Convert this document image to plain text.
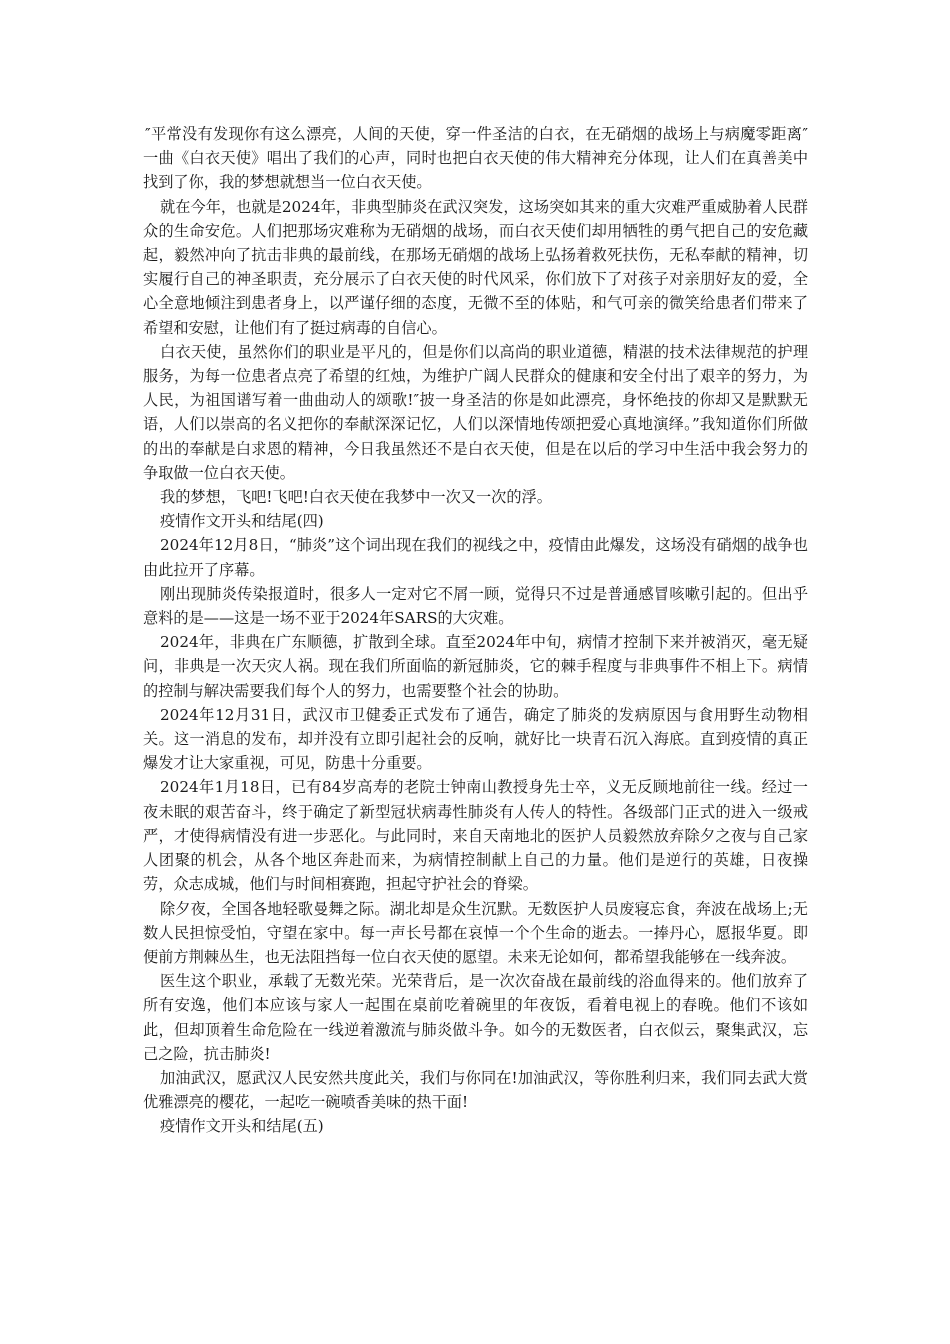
″平常没有发现你有这么漂亮，人间的天使，穿一件圣洁的白衣，在无硝烟的战场上与病魔零距离″一曲《白衣天使》唱出了我们的心声，同时也把白衣天使的伟大精神充分体现，让人们在真善美中找到了你，我的梦想就想当一位白衣天使。

就在今年，也就是2024年，非典型肺炎在武汉突发，这场突如其来的重大灾难严重威胁着人民群众的生命安危。人们把那场灾难称为无硝烟的战场，而白衣天使们却用牺牲的勇气把自己的安危藏起，毅然冲向了抗击非典的最前线，在那场无硝烟的战场上弘扬着救死扶伤，无私奉献的精神，切实履行自己的神圣职责，充分展示了白衣天使的时代风采，你们放下了对孩子对亲朋好友的爱，全心全意地倾注到患者身上，以严谨仔细的态度，无微不至的体贴，和气可亲的微笑给患者们带来了希望和安慰，让他们有了挺过病毒的自信心。

白衣天使，虽然你们的职业是平凡的，但是你们以高尚的职业道德，精湛的技术法律规范的护理服务，为每一位患者点亮了希望的红烛，为维护广阔人民群众的健康和安全付出了艰辛的努力，为人民，为祖国谱写着一曲曲动人的颂歌!″披一身圣洁的你是如此漂亮，身怀绝技的你却又是默默无语，人们以崇高的名义把你的奉献深深记忆，人们以深情地传颂把爱心真地演绎。”我知道你们所做的出的奉献是白求恩的精神，今日我虽然还不是白衣天使，但是在以后的学习中生活中我会努力的争取做一位白衣天使。

我的梦想，飞吧!飞吧!白衣天使在我梦中一次又一次的浮。

疫情作文开头和结尾(四)

2024年12月8日，“肺炎”这个词出现在我们的视线之中，疫情由此爆发，这场没有硝烟的战争也由此拉开了序幕。

刚出现肺炎传染报道时，很多人一定对它不屑一顾，觉得只不过是普通感冒咳嗽引起的。但出乎意料的是——这是一场不亚于2024年SARS的大灾难。

2024年，非典在广东顺德，扩散到全球。直至2024年中旬，病情才控制下来并被消灭，毫无疑问，非典是一次天灾人祸。现在我们所面临的新冠肺炎，它的棘手程度与非典事件不相上下。病情的控制与解决需要我们每个人的努力，也需要整个社会的协助。

2024年12月31日，武汉市卫健委正式发布了通告，确定了肺炎的发病原因与食用野生动物相关。这一消息的发布，却并没有立即引起社会的反响，就好比一块青石沉入海底。直到疫情的真正爆发才让大家重视，可见，防患十分重要。

2024年1月18日，已有84岁高寿的老院士钟南山教授身先士卒，义无反顾地前往一线。经过一夜未眠的艰苦奋斗，终于确定了新型冠状病毒性肺炎有人传人的特性。各级部门正式的进入一级戒严，才使得病情没有进一步恶化。与此同时，来自天南地北的医护人员毅然放弃除夕之夜与自己家人团聚的机会，从各个地区奔赴而来，为病情控制献上自己的力量。他们是逆行的英雄，日夜操劳，众志成城，他们与时间相赛跑，担起守护社会的脊梁。

除夕夜，全国各地轻歌曼舞之际。湖北却是众生沉默。无数医护人员废寝忘食，奔波在战场上;无数人民担惊受怕，守望在家中。每一声长号都在哀悼一个个生命的逝去。一捧丹心，愿报华夏。即便前方荆棘丛生，也无法阻挡每一位白衣天使的愿望。未来无论如何，都希望我能够在一线奔波。

医生这个职业，承载了无数光荣。光荣背后，是一次次奋战在最前线的浴血得来的。他们放弃了所有安逸，他们本应该与家人一起围在桌前吃着碗里的年夜饭，看着电视上的春晚。他们不该如此，但却顶着生命危险在一线逆着激流与肺炎做斗争。如今的无数医者，白衣似云，聚集武汉，忘己之险，抗击肺炎!

加油武汉，愿武汉人民安然共度此关，我们与你同在!加油武汉，等你胜利归来，我们同去武大赏优雅漂亮的樱花，一起吃一碗喷香美味的热干面!

疫情作文开头和结尾(五)
